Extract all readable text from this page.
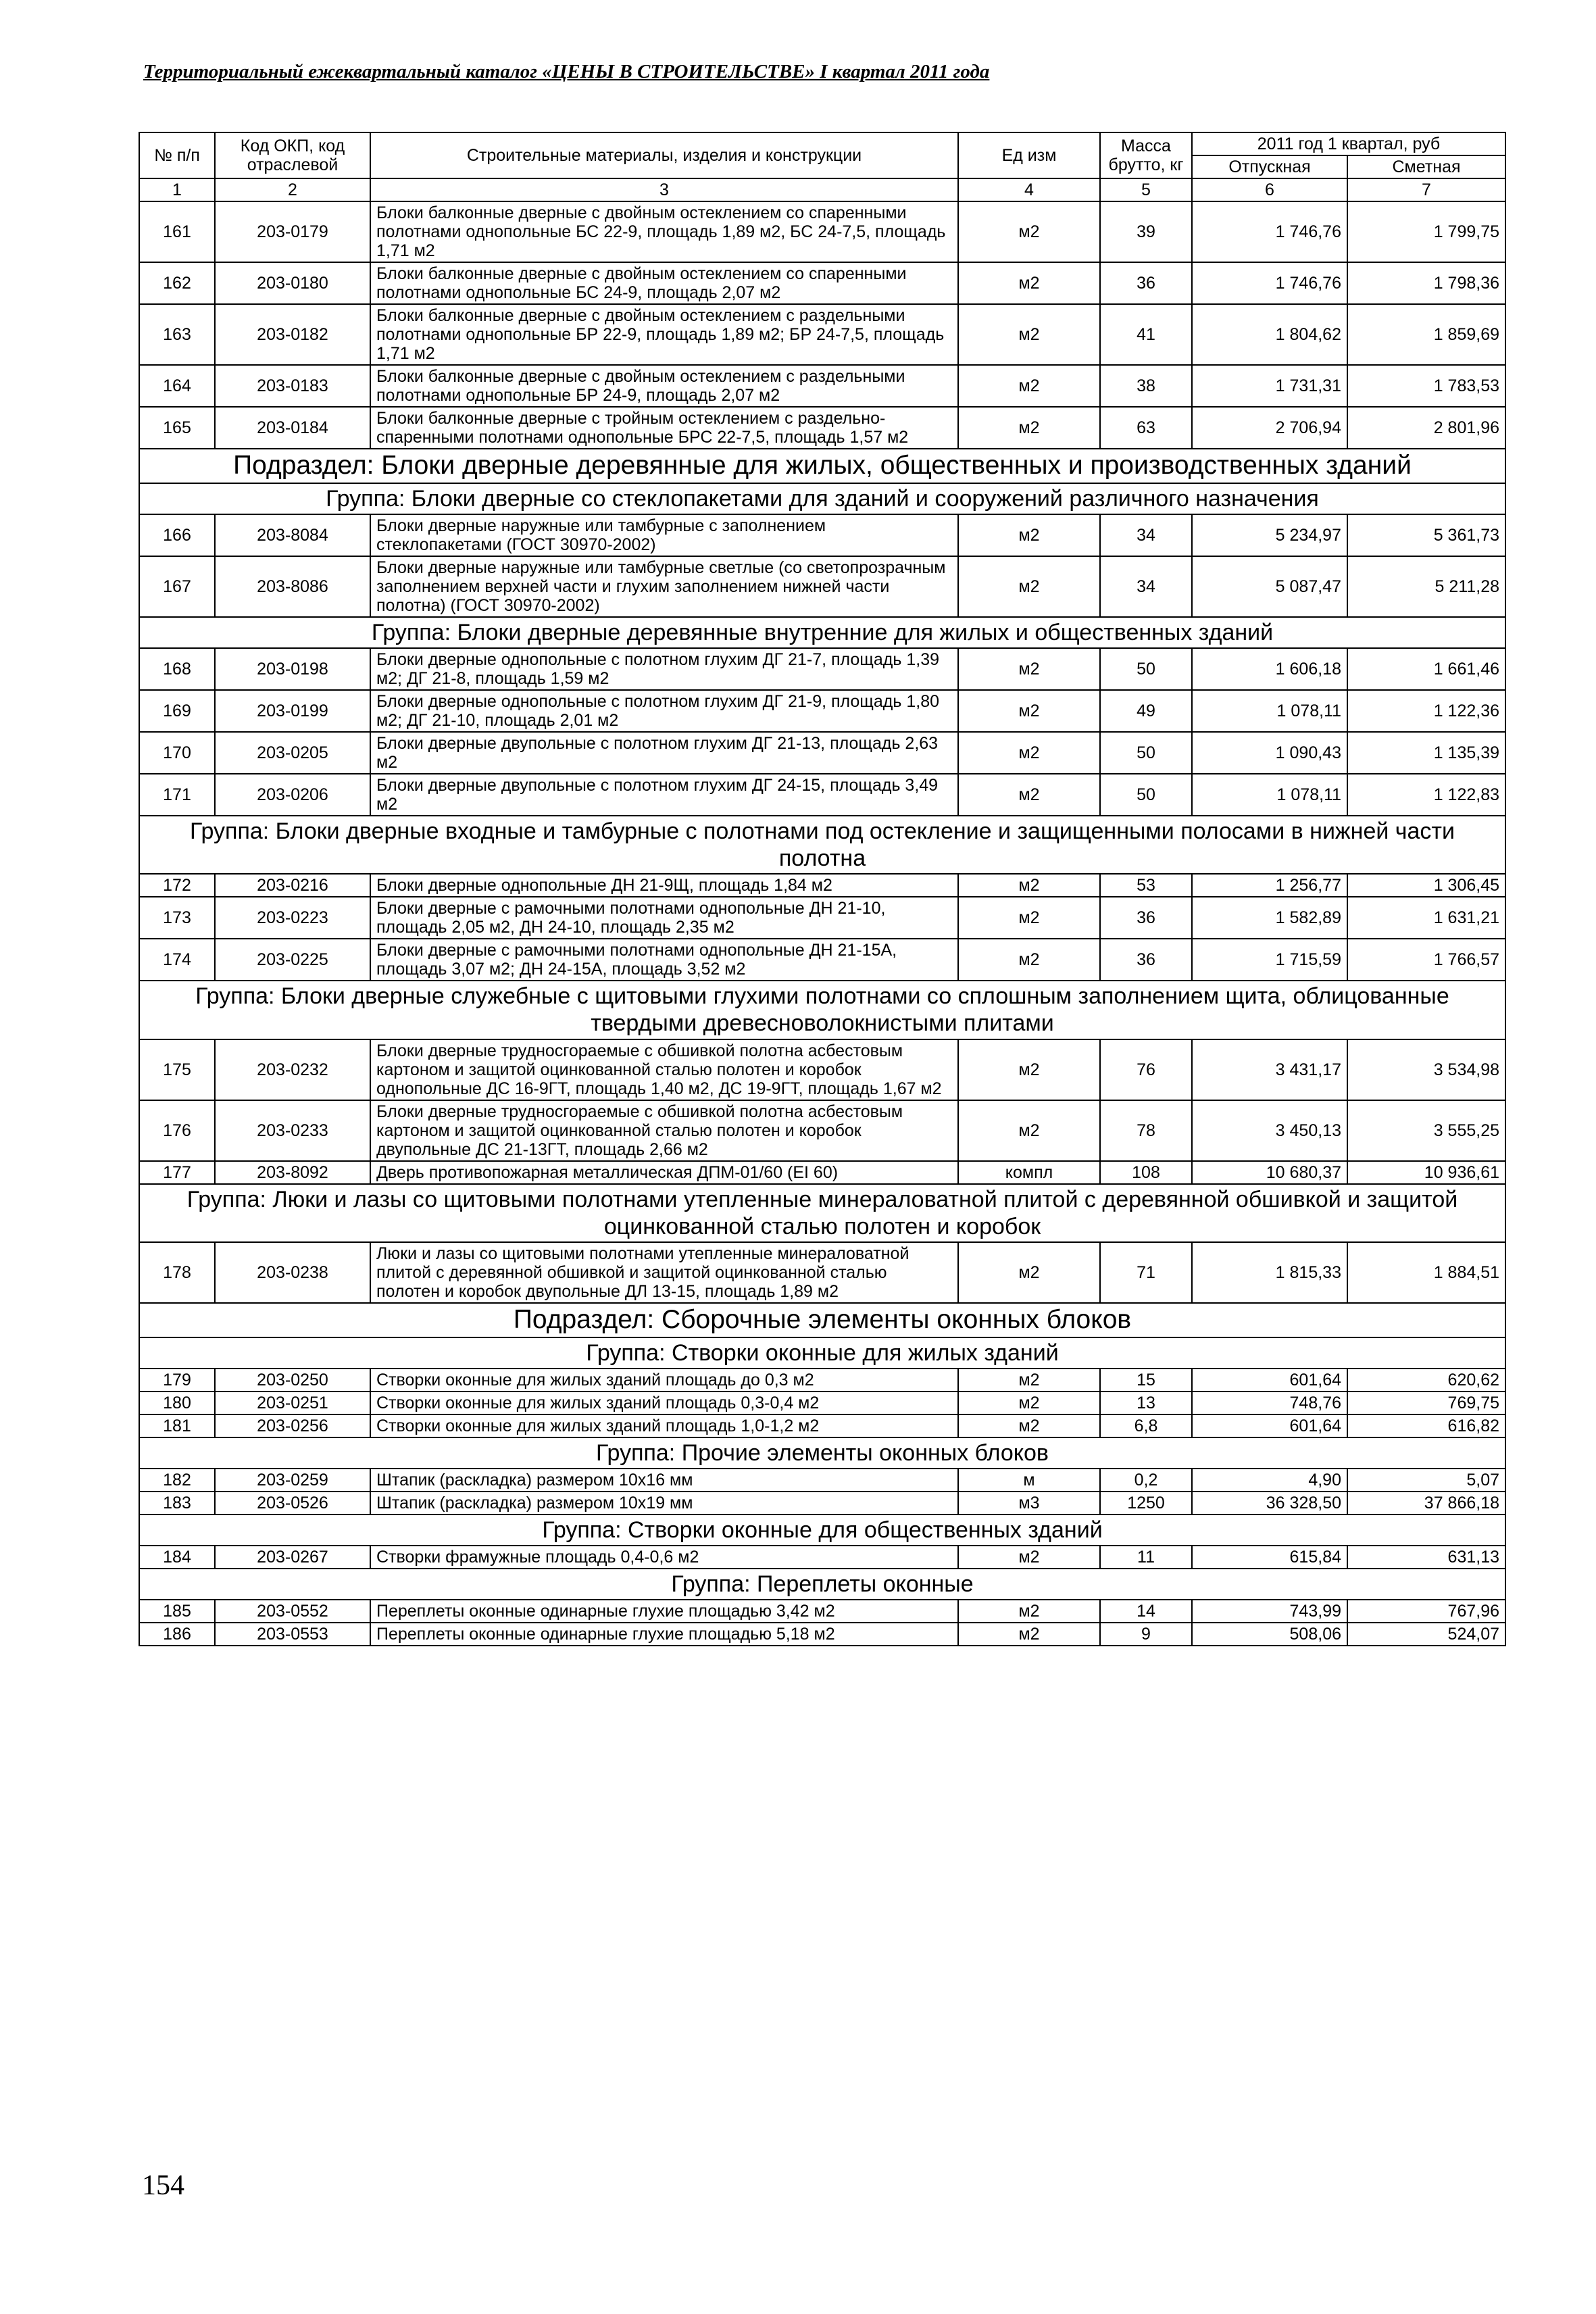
Территориальный ежеквартальный каталог «ЦЕНЫ В СТРОИТЕЛЬСТВЕ» I квартал 2011 года
№ п/п	Код ОКП, код отраслевой	Строительные материалы, изделия и конструкции	Ед изм	Масса брутто, кг	2011 год 1 квартал, руб	
					Отпускная	Сметная
1	2	3	4	5	6	7
161	203-0179	Блоки балконные дверные с двойным остеклением со спаренными полотнами однопольные БС 22-9, площадь 1,89 м2, БС 24-7,5, площадь 1,71 м2	м2	39	1 746,76	1 799,75
162	203-0180	Блоки балконные дверные с двойным остеклением со спаренными полотнами однопольные БС 24-9, площадь 2,07 м2	м2	36	1 746,76	1 798,36
163	203-0182	Блоки балконные дверные с двойным остеклением с раздельными полотнами однопольные БР 22-9, площадь 1,89 м2; БР 24-7,5, площадь 1,71 м2	м2	41	1 804,62	1 859,69
164	203-0183	Блоки балконные дверные с двойным остеклением с раздельными полотнами однопольные БР 24-9, площадь 2,07 м2	м2	38	1 731,31	1 783,53
165	203-0184	Блоки балконные дверные с тройным остеклением с раздельно-спаренными полотнами однопольные БРС 22-7,5, площадь 1,57 м2	м2	63	2 706,94	2 801,96
Подраздел: Блоки дверные деревянные для жилых, общественных и производственных зданий						
Группа: Блоки дверные со стеклопакетами для зданий и сооружений различного назначения						
166	203-8084	Блоки дверные наружные или тамбурные с заполнением стеклопакетами (ГОСТ 30970-2002)	м2	34	5 234,97	5 361,73
167	203-8086	Блоки дверные наружные или тамбурные светлые (со светопрозрачным заполнением верхней части и глухим заполнением нижней части полотна) (ГОСТ 30970-2002)	м2	34	5 087,47	5 211,28
Группа: Блоки дверные деревянные внутренние для жилых и общественных зданий						
168	203-0198	Блоки дверные однопольные с полотном глухим ДГ 21-7, площадь 1,39 м2; ДГ 21-8, площадь 1,59 м2	м2	50	1 606,18	1 661,46
169	203-0199	Блоки дверные однопольные с полотном глухим ДГ 21-9, площадь 1,80 м2; ДГ 21-10, площадь 2,01 м2	м2	49	1 078,11	1 122,36
170	203-0205	Блоки дверные двупольные с полотном глухим ДГ 21-13, площадь 2,63 м2	м2	50	1 090,43	1 135,39
171	203-0206	Блоки дверные двупольные с полотном глухим ДГ 24-15, площадь 3,49 м2	м2	50	1 078,11	1 122,83
Группа: Блоки дверные входные и тамбурные с полотнами под остекление и защищенными полосами в нижней части полотна						
172	203-0216	Блоки дверные однопольные ДН 21-9Щ, площадь 1,84 м2	м2	53	1 256,77	1 306,45
173	203-0223	Блоки дверные с рамочными полотнами однопольные ДН 21-10, площадь 2,05 м2, ДН 24-10, площадь 2,35 м2	м2	36	1 582,89	1 631,21
174	203-0225	Блоки дверные с рамочными полотнами однопольные ДН 21-15А, площадь 3,07 м2; ДН 24-15А, площадь 3,52 м2	м2	36	1 715,59	1 766,57
Группа: Блоки дверные служебные с щитовыми глухими полотнами со сплошным заполнением щита, облицованные твердыми древесноволокнистыми плитами						
175	203-0232	Блоки дверные трудносгораемые с обшивкой полотна асбестовым картоном и защитой оцинкованной сталью полотен и коробок однопольные ДС 16-9ГТ, площадь 1,40 м2, ДС 19-9ГТ, площадь 1,67 м2	м2	76	3 431,17	3 534,98
176	203-0233	Блоки дверные трудносгораемые с обшивкой полотна асбестовым картоном и защитой оцинкованной сталью полотен и коробок двупольные ДС 21-13ГТ, площадь 2,66 м2	м2	78	3 450,13	3 555,25
177	203-8092	Дверь противопожарная металлическая ДПМ-01/60 (EI 60)	компл	108	10 680,37	10 936,61
Группа: Люки и лазы со щитовыми полотнами утепленные минераловатной плитой с деревянной обшивкой и защитой оцинкованной сталью полотен и коробок						
178	203-0238	Люки и лазы со щитовыми полотнами утепленные минераловатной плитой с деревянной обшивкой и защитой оцинкованной сталью полотен и коробок двупольные ДЛ 13-15, площадь 1,89 м2	м2	71	1 815,33	1 884,51
Подраздел: Сборочные элементы оконных блоков						
Группа: Створки оконные для жилых зданий						
179	203-0250	Створки оконные для жилых зданий площадь до 0,3 м2	м2	15	601,64	620,62
180	203-0251	Створки оконные для жилых зданий площадь 0,3-0,4 м2	м2	13	748,76	769,75
181	203-0256	Створки оконные для жилых зданий площадь 1,0-1,2 м2	м2	6,8	601,64	616,82
Группа: Прочие элементы оконных блоков						
182	203-0259	Штапик (раскладка) размером 10х16 мм	м	0,2	4,90	5,07
183	203-0526	Штапик (раскладка) размером 10х19 мм	м3	1250	36 328,50	37 866,18
Группа: Створки оконные для общественных зданий						
184	203-0267	Створки фрамужные площадь 0,4-0,6 м2	м2	11	615,84	631,13
Группа: Переплеты оконные						
185	203-0552	Переплеты оконные одинарные глухие площадью 3,42 м2	м2	14	743,99	767,96
186	203-0553	Переплеты оконные одинарные глухие площадью 5,18 м2	м2	9	508,06	524,07
154
